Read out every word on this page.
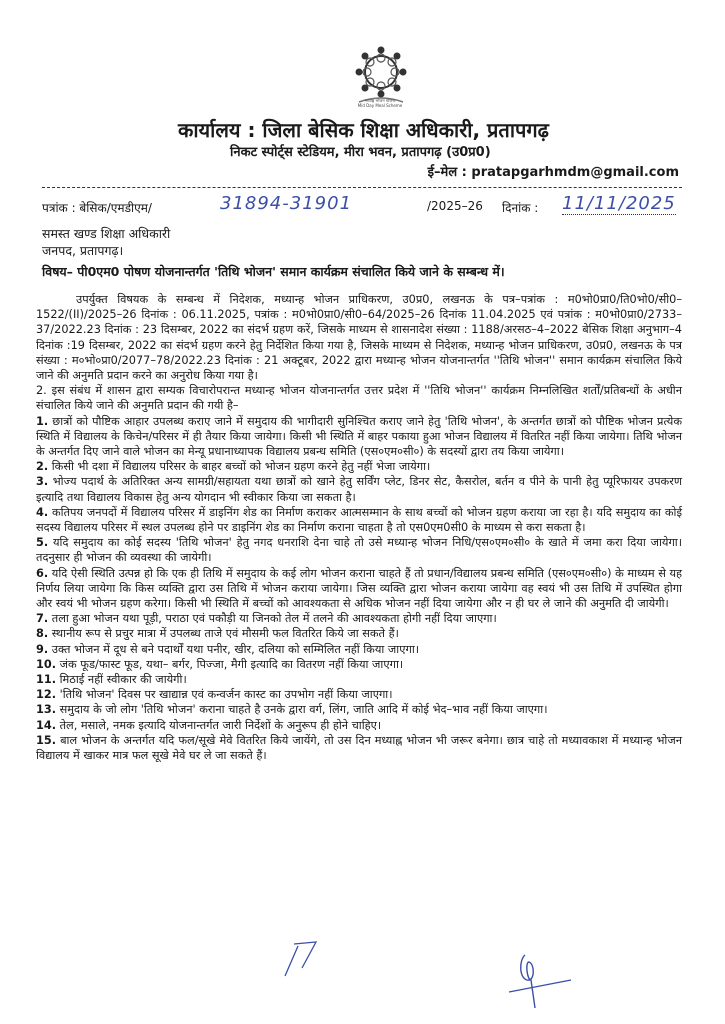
मध्याह्न भोजन योजना
Mid Day Meal Scheme
कार्यालय : जिला बेसिक शिक्षा अधिकारी, प्रतापगढ़
निकट स्पोर्ट्स स्टेडियम, मीरा भवन, प्रतापगढ़ (उ0प्र0)
ई–मेल : pratapgarhmdm@gmail.com
पत्रांक : बेसिक/एमडीएम/	31894-31901	/2025–26 दिनांक : 11/11/2025
समस्त खण्ड शिक्षा अधिकारी
जनपद, प्रतापगढ़।
विषय– पी0एम0 पोषण योजनान्तर्गत 'तिथि भोजन' समान कार्यक्रम संचालित किये जाने के सम्बन्ध में।

उपर्युक्त विषयक के सम्बन्ध में निदेशक, मध्यान्ह भोजन प्राधिकरण, उ0प्र0, लखनऊ के पत्र–पत्रांक : म0भो0प्रा0/ति0भो0/सी0–1522/(II)/2025–26 दिनांक : 06.11.2025, पत्रांक : म0भो0प्रा0/सी0–64/2025–26 दिनांक 11.04.2025 एवं पत्रांक : म0भो0प्रा0/2733–37/2022.23 दिनांक : 23 दिसम्बर, 2022 का संदर्भ ग्रहण करें, जिसके माध्यम से शासनादेश संख्या : 1188/अरसठ–4–2022 बेसिक शिक्षा अनुभाग–4 दिनांक :19 दिसम्बर, 2022 का संदर्भ ग्रहण करने हेतु निर्देशित किया गया है, जिसके माध्यम से निदेशक, मध्यान्ह भोजन प्राधिकरण, उ0प्र0, लखनऊ के पत्र संख्या : म०भो०प्रा0/2077–78/2022.23 दिनांक : 21 अक्टूबर, 2022 द्वारा मध्यान्ह भोजन योजनान्तर्गत ''तिथि भोजन'' समान कार्यक्रम संचालित किये जाने की अनुमति प्रदान करने का अनुरोध किया गया है।

2. इस संबंध में शासन द्वारा सम्यक विचारोपरान्त मध्यान्ह भोजन योजनान्तर्गत उत्तर प्रदेश में ''तिथि भोजन'' कार्यक्रम निम्नलिखित शर्तों/प्रतिबन्धों के अधीन संचालित किये जाने की अनुमति प्रदान की गयी है–

1. छात्रों को पौष्टिक आहार उपलब्ध कराए जाने में समुदाय की भागीदारी सुनिश्चित कराए जाने हेतु 'तिथि भोजन', के अन्तर्गत छात्रों को पौष्टिक भोजन प्रत्येक स्थिति में विद्यालय के किचेन/परिसर में ही तैयार किया जायेगा। किसी भी स्थिति में बाहर पकाया हुआ भोजन विद्यालय में वितरित नहीं किया जायेगा। तिथि भोजन के अन्तर्गत दिए जाने वाले भोजन का मेन्यू प्रधानाध्यापक विद्यालय प्रबन्ध समिति (एस०एम०सी०) के सदस्यों द्वारा तय किया जायेगा।

2. किसी भी दशा में विद्यालय परिसर के बाहर बच्चों को भोजन ग्रहण करने हेतु नहीं भेजा जायेगा।

3. भोज्य पदार्थ के अतिरिक्त अन्य सामग्री/सहायता यथा छात्रों को खाने हेतु सर्विंग प्लेट, डिनर सेट, कैसरोल, बर्तन व पीने के पानी हेतु प्यूरिफायर उपकरण इत्यादि तथा विद्यालय विकास हेतु अन्य योगदान भी स्वीकार किया जा सकता है।

4. कतिपय जनपदों में विद्यालय परिसर में डाइनिंग शेड का निर्माण कराकर आत्मसम्मान के साथ बच्चों को भोजन ग्रहण कराया जा रहा है। यदि समुदाय का कोई सदस्य विद्यालय परिसर में स्थल उपलब्ध होने पर डाइनिंग शेड का निर्माण कराना चाहता है तो एस0एम0सी0 के माध्यम से करा सकता है।

5. यदि समुदाय का कोई सदस्य 'तिथि भोजन' हेतु नगद धनराशि देना चाहे तो उसे मध्यान्ह भोजन निधि/एस०एम०सी० के खाते में जमा करा दिया जायेगा। तदनुसार ही भोजन की व्यवस्था की जायेगी।

6. यदि ऐसी स्थिति उत्पन्न हो कि एक ही तिथि में समुदाय के कई लोग भोजन कराना चाहते हैं तो प्रधान/विद्यालय प्रबन्ध समिति (एस०एम०सी०) के माध्यम से यह निर्णय लिया जायेगा कि किस व्यक्ति द्वारा उस तिथि में भोजन कराया जायेगा। जिस व्यक्ति द्वारा भोजन कराया जायेगा वह स्वयं भी उस तिथि में उपस्थित होगा और स्वयं भी भोजन ग्रहण करेगा। किसी भी स्थिति में बच्चों को आवश्यकता से अधिक भोजन नहीं दिया जायेगा और न ही घर ले जाने की अनुमति दी जायेगी।

7. तला हुआ भोजन यथा पूड़ी, पराठा एवं पकौड़ी या जिनको तेल में तलने की आवश्यकता होगी नहीं दिया जाएगा।

8. स्थानीय रूप से प्रचुर मात्रा में उपलब्ध ताजे एवं मौसमी फल वितरित किये जा सकते हैं।

9. उक्त भोजन में दूध से बने पदार्थों यथा पनीर, खीर, दलिया को सम्मिलित नहीं किया जाएगा।

10. जंक फूड/फास्ट फूड, यथा– बर्गर, पिज्जा, मैगी इत्यादि का वितरण नहीं किया जाएगा।

11. मिठाई नहीं स्वीकार की जायेगी।

12. 'तिथि भोजन' दिवस पर खाद्यान्न एवं कन्वर्जन कास्ट का उपभोग नहीं किया जाएगा।

13. समुदाय के जो लोग 'तिथि भोजन' कराना चाहते है उनके द्वारा वर्ग, लिंग, जाति आदि में कोई भेद–भाव नहीं किया जाएगा।

14. तेल, मसाले, नमक इत्यादि योजनान्तर्गत जारी निर्देशों के अनुरूप ही होने चाहिए।

15. बाल भोजन के अन्तर्गत यदि फल/सूखे मेवे वितरित किये जायेंगे, तो उस दिन मध्याह्न भोजन भी जरूर बनेगा। छात्र चाहे तो मध्यावकाश में मध्यान्ह भोजन विद्यालय में खाकर मात्र फल सूखे मेवे घर ले जा सकते हैं।
